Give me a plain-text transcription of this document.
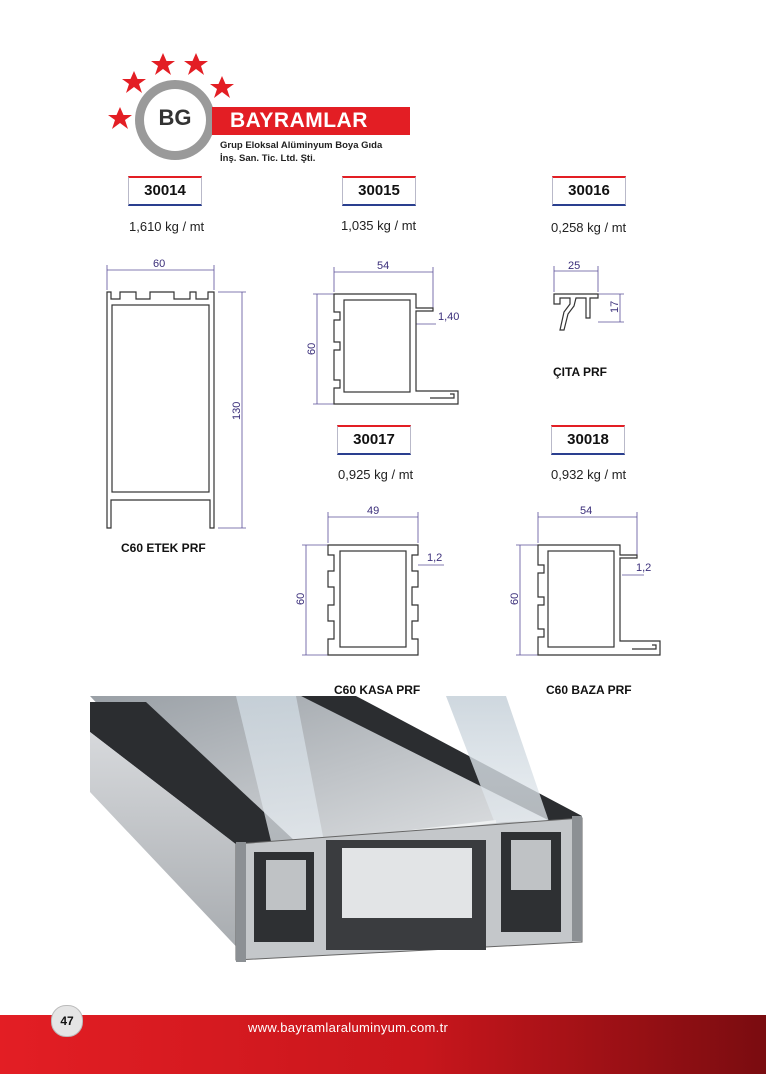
BG	BAYRAMLAR
Grup Eloksal Alüminyum Boya Gıda
İnş. San. Tic. Ltd. Şti.
30014
1,610 kg / mt
60
130
C60 ETEK PRF
30015
1,035 kg / mt
54
60
1,40
30016
0,258 kg / mt
25
17
ÇITA PRF
30017
0,925 kg / mt
49
60
1,2
C60 KASA PRF
30018
0,932 kg / mt
54
60
1,2
C60 BAZA PRF
47	www.bayramlaraluminyum.com.tr
